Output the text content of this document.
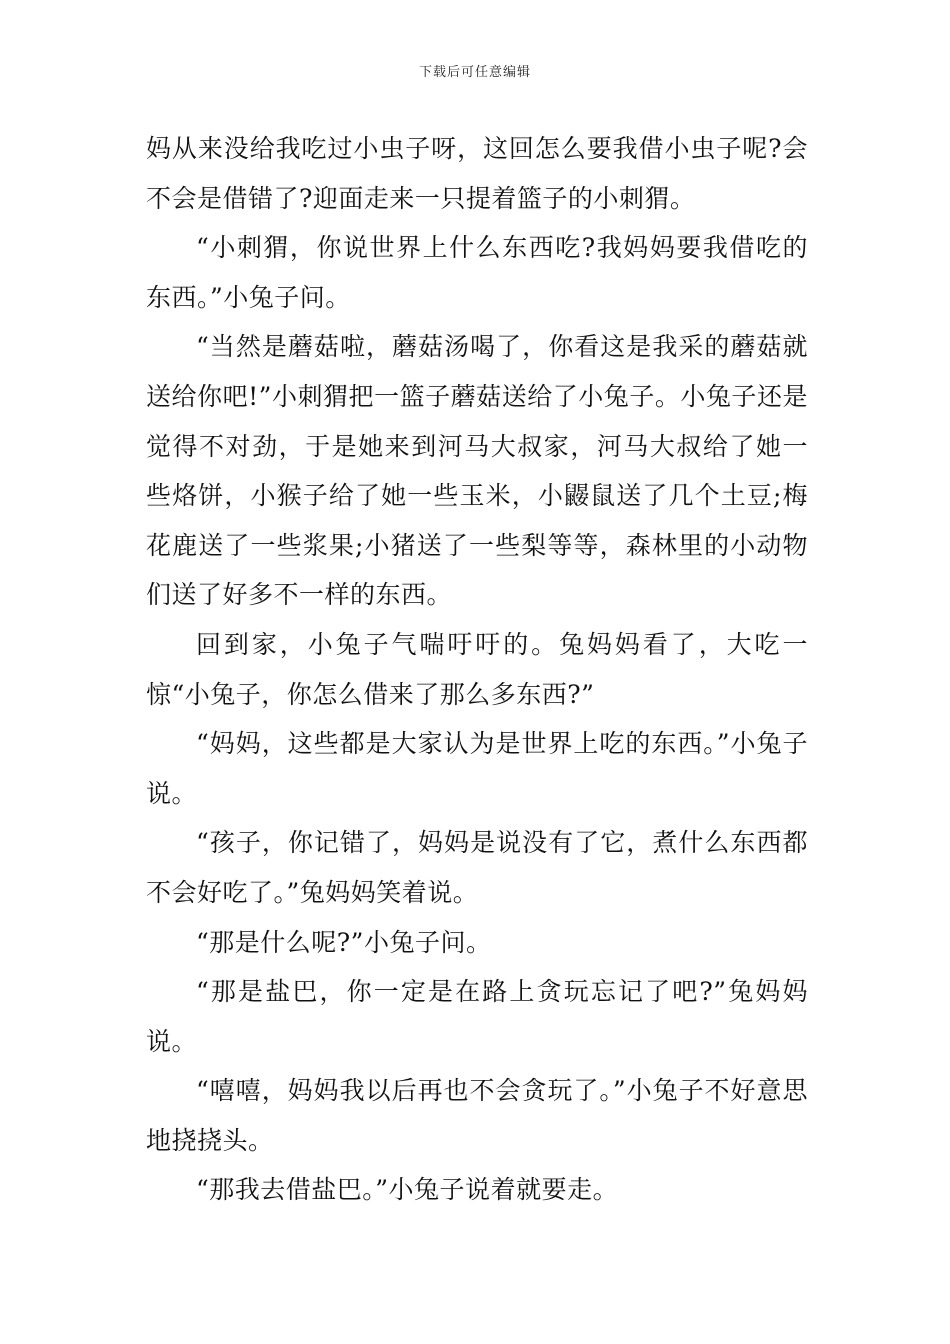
下载后可任意编辑

妈从来没给我吃过小虫子呀，这回怎么要我借小虫子呢?会不会是借错了?迎面走来一只提着篮子的小刺猬。

“小刺猬，你说世界上什么东西吃?我妈妈要我借吃的东西。”小兔子问。

“当然是蘑菇啦，蘑菇汤喝了，你看这是我采的蘑菇就送给你吧!”小刺猬把一篮子蘑菇送给了小兔子。小兔子还是觉得不对劲，于是她来到河马大叔家，河马大叔给了她一些烙饼，小猴子给了她一些玉米，小鼹鼠送了几个土豆;梅花鹿送了一些浆果;小猪送了一些梨等等，森林里的小动物们送了好多不一样的东西。

回到家，小兔子气喘吁吁的。兔妈妈看了，大吃一惊“小兔子，你怎么借来了那么多东西?”

“妈妈，这些都是大家认为是世界上吃的东西。”小兔子说。

“孩子，你记错了，妈妈是说没有了它，煮什么东西都不会好吃了。”兔妈妈笑着说。

“那是什么呢?”小兔子问。

“那是盐巴，你一定是在路上贪玩忘记了吧?”兔妈妈说。

“嘻嘻，妈妈我以后再也不会贪玩了。”小兔子不好意思地挠挠头。

“那我去借盐巴。”小兔子说着就要走。
